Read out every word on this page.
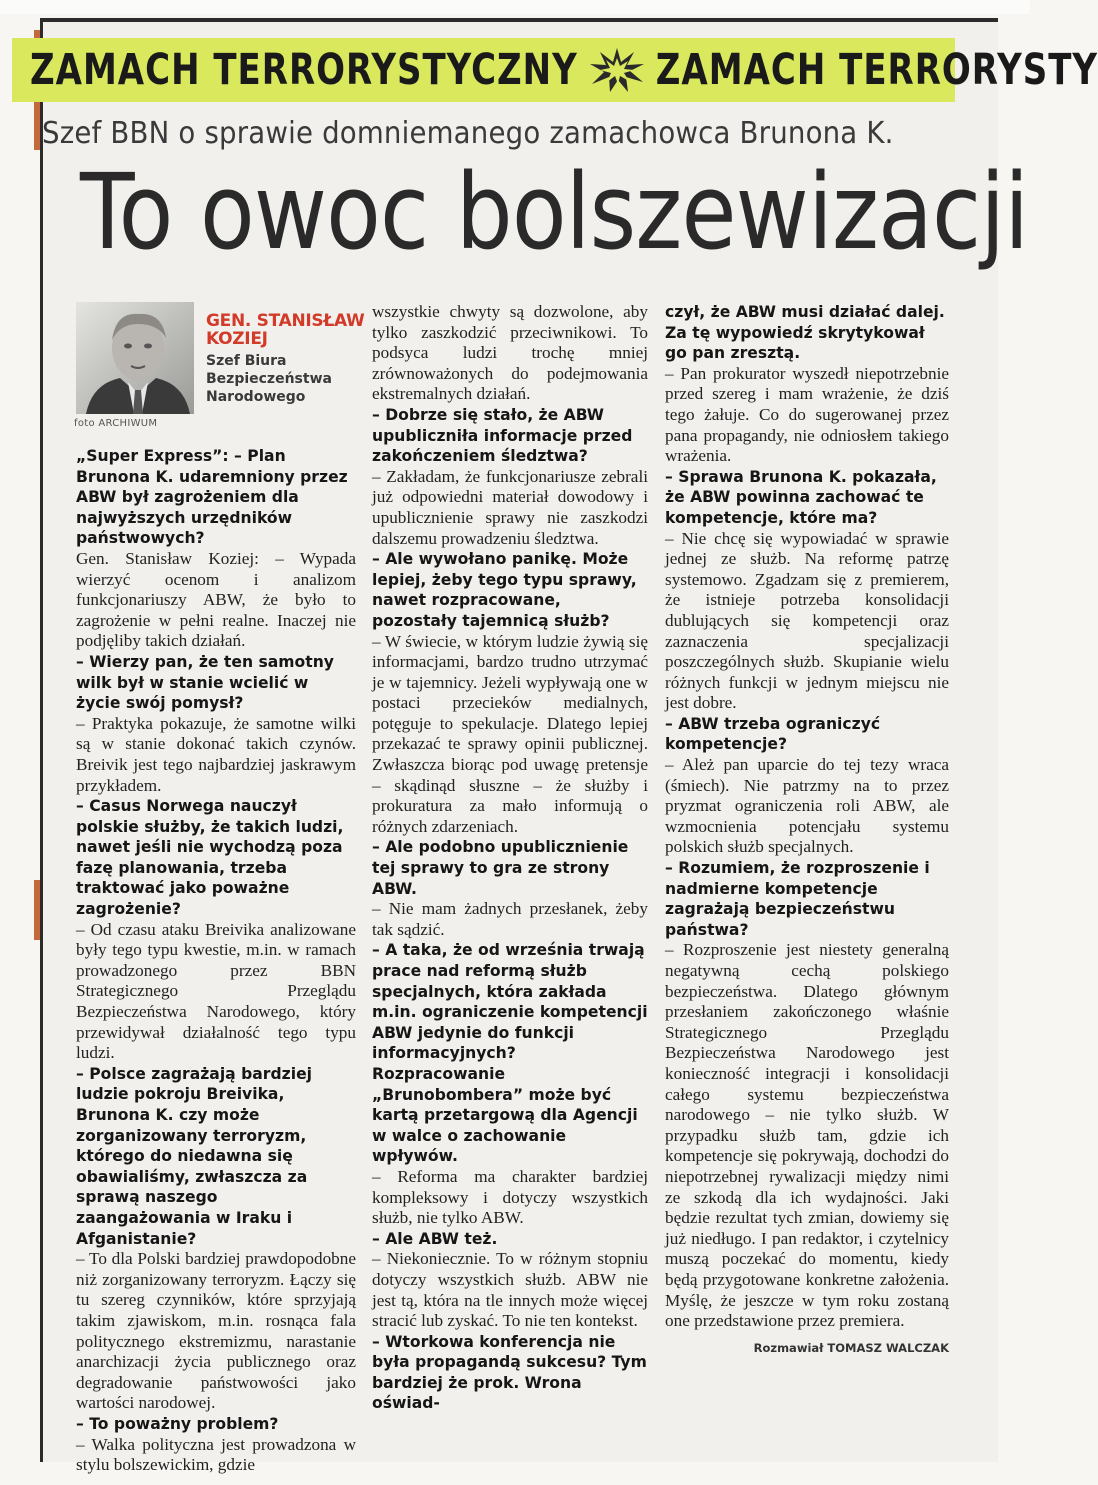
ZAMACH TERRORYSTYCZNY ZAMACH TERRORYSTY
Szef BBN o sprawie domniemanego zamachowca Brunona K.
To owoc bolszewizacji
foto ARCHIWUM
GEN. STANISŁAW KOZIEJ
Szef Biura Bezpieczeństwa Narodowego

„Super Express”: – Plan Brunona K. udaremniony przez ABW był zagrożeniem dla najwyższych urzędników państwowych?

Gen. Stanisław Koziej: – Wypada wierzyć ocenom i analizom funkcjonariuszy ABW, że było to zagrożenie w pełni realne. Inaczej nie podjęliby takich działań.

– Wierzy pan, że ten samotny wilk był w stanie wcielić w życie swój pomysł?

– Praktyka pokazuje, że samotne wilki są w stanie dokonać takich czynów. Breivik jest tego najbardziej jaskrawym przykładem.

– Casus Norwega nauczył polskie służby, że takich ludzi, nawet jeśli nie wychodzą poza fazę planowania, trzeba traktować jako poważne zagrożenie?

– Od czasu ataku Breivika analizowane były tego typu kwestie, m.in. w ramach prowadzonego przez BBN Strategicznego Przeglądu Bezpieczeństwa Narodowego, który przewidywał działalność tego typu ludzi.

– Polsce zagrażają bardziej ludzie pokroju Breivika, Brunona K. czy może zorganizowany terroryzm, którego do niedawna się obawialiśmy, zwłaszcza za sprawą naszego zaangażowania w Iraku i Afganistanie?

– To dla Polski bardziej prawdopodobne niż zorganizowany terroryzm. Łączy się tu szereg czynników, które sprzyjają takim zjawiskom, m.in. rosnąca fala politycznego ekstremizmu, narastanie anarchizacji życia publicznego oraz degradowanie państwowości jako wartości narodowej.

– To poważny problem?

– Walka polityczna jest prowadzona w stylu bolszewickim, gdzie

wszystkie chwyty są dozwolone, aby tylko zaszkodzić przeciwnikowi. To podsyca ludzi trochę mniej zrównoważonych do podejmowania ekstremalnych działań.

– Dobrze się stało, że ABW upubliczniła informacje przed zakończeniem śledztwa?

– Zakładam, że funkcjonariusze zebrali już odpowiedni materiał dowodowy i upublicznienie sprawy nie zaszkodzi dalszemu prowadzeniu śledztwa.

– Ale wywołano panikę. Może lepiej, żeby tego typu sprawy, nawet rozpracowane, pozostały tajemnicą służb?

– W świecie, w którym ludzie żywią się informacjami, bardzo trudno utrzymać je w tajemnicy. Jeżeli wypływają one w postaci przecieków medialnych, potęguje to spekulacje. Dlatego lepiej przekazać te sprawy opinii publicznej. Zwłaszcza biorąc pod uwagę pretensje – skądinąd słuszne – że służby i prokuratura za mało informują o różnych zdarzeniach.

– Ale podobno upublicznienie tej sprawy to gra ze strony ABW.

– Nie mam żadnych przesłanek, żeby tak sądzić.

– A taka, że od września trwają prace nad reformą służb specjalnych, która zakłada m.in. ograniczenie kompetencji ABW jedynie do funkcji informacyjnych? Rozpracowanie „Brunobombera” może być kartą przetargową dla Agencji w walce o zachowanie wpływów.

– Reforma ma charakter bardziej kompleksowy i dotyczy wszystkich służb, nie tylko ABW.

– Ale ABW też.

– Niekoniecznie. To w różnym stopniu dotyczy wszystkich służb. ABW nie jest tą, która na tle innych może więcej stracić lub zyskać. To nie ten kontekst.

– Wtorkowa konferencja nie była propagandą sukcesu? Tym bardziej że prok. Wrona oświad-

czył, że ABW musi działać dalej. Za tę wypowiedź skrytykował go pan zresztą.

– Pan prokurator wyszedł niepotrzebnie przed szereg i mam wrażenie, że dziś tego żałuje. Co do sugerowanej przez pana propagandy, nie odniosłem takiego wrażenia.

– Sprawa Brunona K. pokazała, że ABW powinna zachować te kompetencje, które ma?

– Nie chcę się wypowiadać w sprawie jednej ze służb. Na reformę patrzę systemowo. Zgadzam się z premierem, że istnieje potrzeba konsolidacji dublujących się kompetencji oraz zaznaczenia specjalizacji poszczególnych służb. Skupianie wielu różnych funkcji w jednym miejscu nie jest dobre.

– ABW trzeba ograniczyć kompetencje?

– Ależ pan uparcie do tej tezy wraca (śmiech). Nie patrzmy na to przez pryzmat ograniczenia roli ABW, ale wzmocnienia potencjału systemu polskich służb specjalnych.

– Rozumiem, że rozproszenie i nadmierne kompetencje zagrażają bezpieczeństwu państwa?

– Rozproszenie jest niestety generalną negatywną cechą polskiego bezpieczeństwa. Dlatego głównym przesłaniem zakończonego właśnie Strategicznego Przeglądu Bezpieczeństwa Narodowego jest konieczność integracji i konsolidacji całego systemu bezpieczeństwa narodowego – nie tylko służb. W przypadku służb tam, gdzie ich kompetencje się pokrywają, dochodzi do niepotrzebnej rywalizacji między nimi ze szkodą dla ich wydajności. Jaki będzie rezultat tych zmian, dowiemy się już niedługo. I pan redaktor, i czytelnicy muszą poczekać do momentu, kiedy będą przygotowane konkretne założenia. Myślę, że jeszcze w tym roku zostaną one przedstawione przez premiera.

Rozmawiał TOMASZ WALCZAK
